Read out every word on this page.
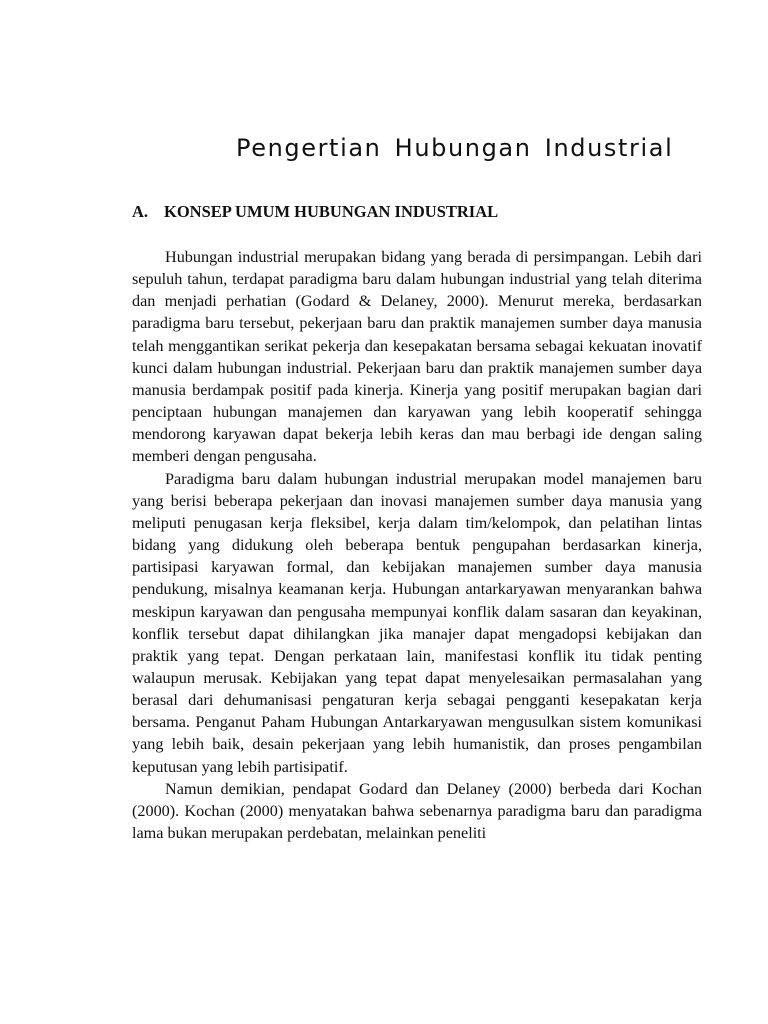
Pengertian Hubungan Industrial
A. KONSEP UMUM HUBUNGAN INDUSTRIAL

Hubungan industrial merupakan bidang yang berada di persimpangan. Lebih dari sepuluh tahun, terdapat paradigma baru dalam hubungan industrial yang telah diterima dan menjadi perhatian (Godard & Delaney, 2000). Menurut mereka, berdasarkan paradigma baru tersebut, pekerjaan baru dan praktik manajemen sumber daya manusia telah menggantikan serikat pekerja dan kesepakatan bersama sebagai kekuatan inovatif kunci dalam hubungan industrial. Pekerjaan baru dan praktik manajemen sumber daya manusia berdampak positif pada kinerja. Kinerja yang positif merupakan bagian dari penciptaan hubungan manajemen dan karyawan yang lebih kooperatif sehingga mendorong karyawan dapat bekerja lebih keras dan mau berbagi ide dengan saling memberi dengan pengusaha.

Paradigma baru dalam hubungan industrial merupakan model manajemen baru yang berisi beberapa pekerjaan dan inovasi manajemen sumber daya manusia yang meliputi penugasan kerja fleksibel, kerja dalam tim/kelompok, dan pelatihan lintas bidang yang didukung oleh beberapa bentuk pengupahan berdasarkan kinerja, partisipasi karyawan formal, dan kebijakan manajemen sumber daya manusia pendukung, misalnya keamanan kerja. Hubungan antarkaryawan menyarankan bahwa meskipun karyawan dan pengusaha mempunyai konflik dalam sasaran dan keyakinan, konflik tersebut dapat dihilangkan jika manajer dapat mengadopsi kebijakan dan praktik yang tepat. Dengan perkataan lain, manifestasi konflik itu tidak penting walaupun merusak. Kebijakan yang tepat dapat menyelesaikan permasalahan yang berasal dari dehumanisasi pengaturan kerja sebagai pengganti kesepakatan kerja bersama. Penganut Paham Hubungan Antarkaryawan mengusulkan sistem komunikasi yang lebih baik, desain pekerjaan yang lebih humanistik, dan proses pengambilan keputusan yang lebih partisipatif.

Namun demikian, pendapat Godard dan Delaney (2000) berbeda dari Kochan (2000). Kochan (2000) menyatakan bahwa sebenarnya paradigma baru dan paradigma lama bukan merupakan perdebatan, melainkan peneliti
